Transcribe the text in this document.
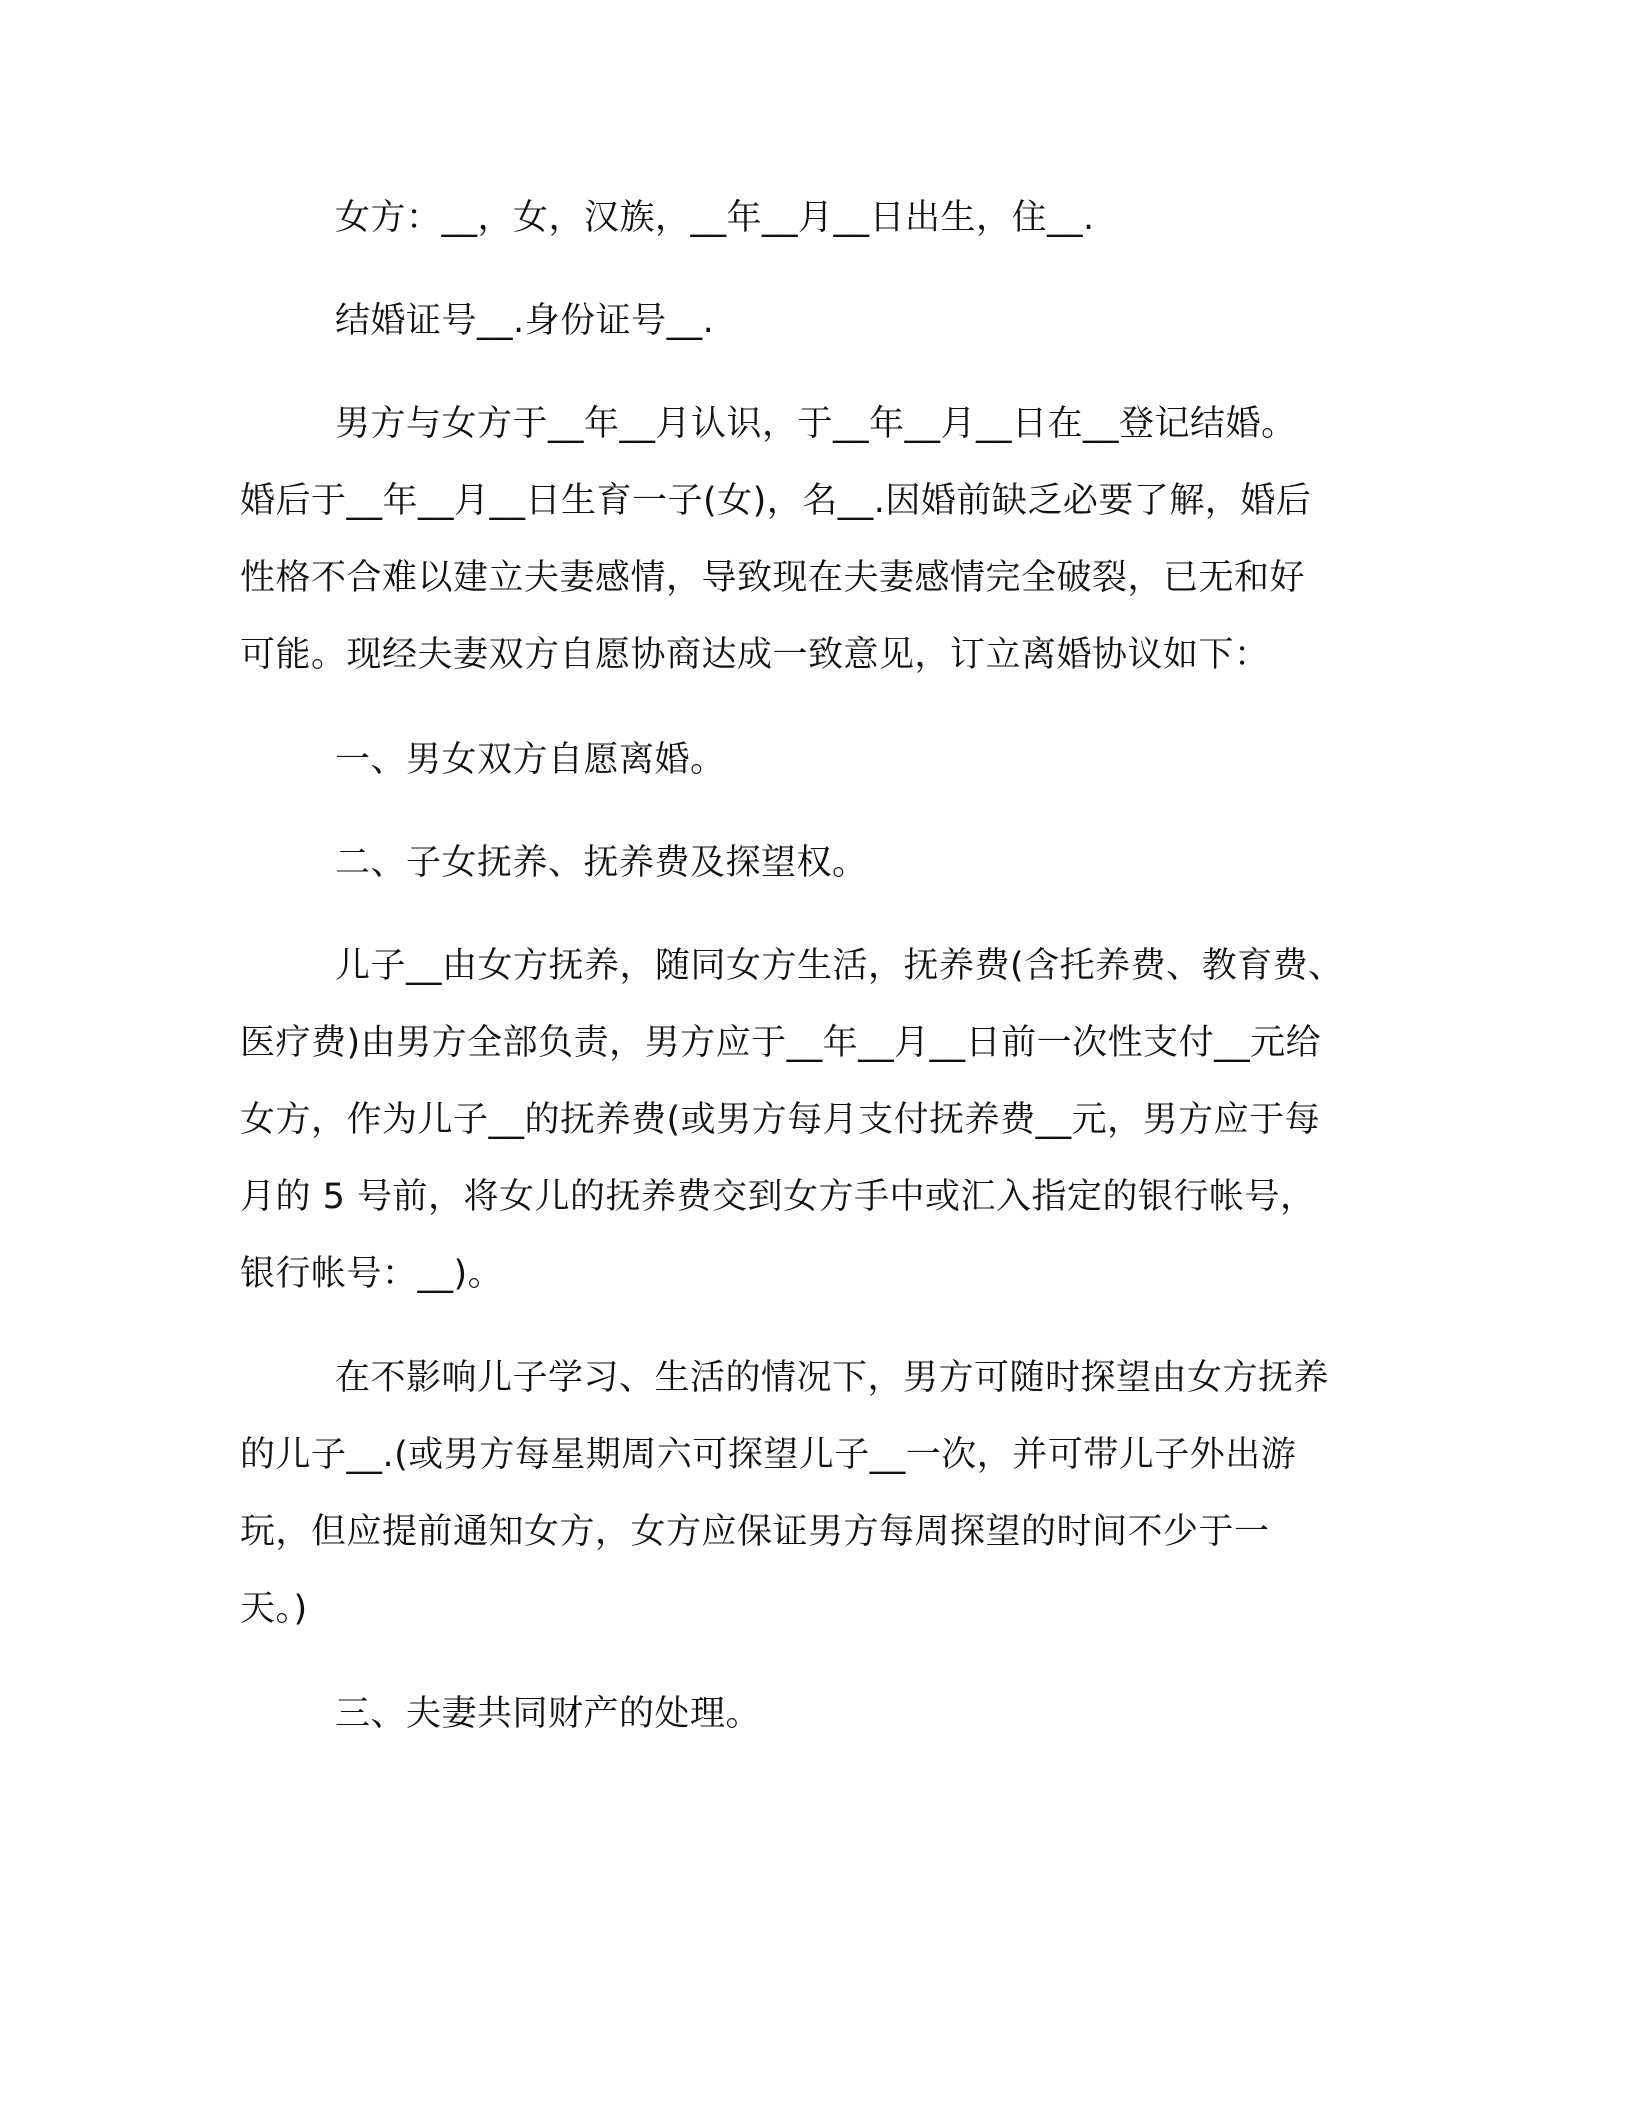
女方：__，女，汉族，__年__月__日出生，住__.

结婚证号__.身份证号__.

男方与女方于__年__月认识，于__年__月__日在__登记结婚。
婚后于__年__月__日生育一子(女)，名__.因婚前缺乏必要了解，婚后
性格不合难以建立夫妻感情，导致现在夫妻感情完全破裂，已无和好
可能。现经夫妻双方自愿协商达成一致意见，订立离婚协议如下：

一、男女双方自愿离婚。

二、子女抚养、抚养费及探望权。

儿子__由女方抚养，随同女方生活，抚养费(含托养费、教育费、
医疗费)由男方全部负责，男方应于__年__月__日前一次性支付__元给
女方，作为儿子__的抚养费(或男方每月支付抚养费__元，男方应于每
月的 5 号前，将女儿的抚养费交到女方手中或汇入指定的银行帐号，
银行帐号：__)。

在不影响儿子学习、生活的情况下，男方可随时探望由女方抚养
的儿子__.(或男方每星期周六可探望儿子__一次，并可带儿子外出游
玩，但应提前通知女方，女方应保证男方每周探望的时间不少于一
天。)

三、夫妻共同财产的处理。
